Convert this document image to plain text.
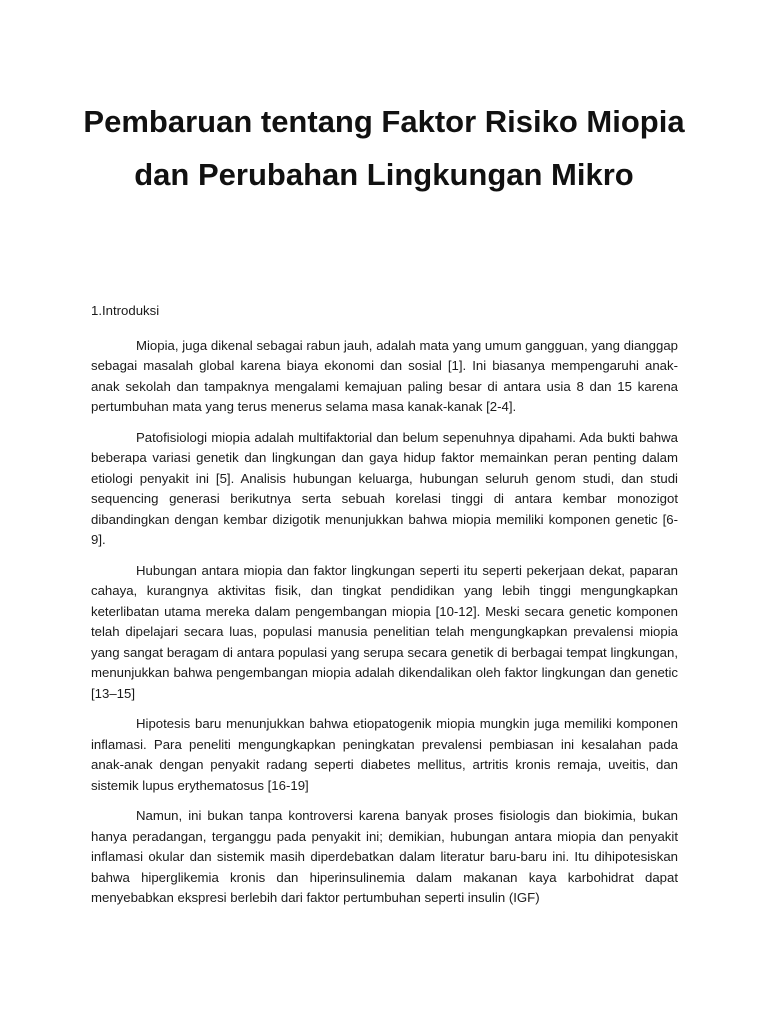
Pembaruan tentang Faktor Risiko Miopia dan Perubahan Lingkungan Mikro

1.Introduksi

Miopia, juga dikenal sebagai rabun jauh, adalah mata yang umum gangguan, yang dianggap sebagai masalah global karena biaya ekonomi dan sosial [1]. Ini biasanya mempengaruhi anak-anak sekolah dan tampaknya mengalami kemajuan paling besar di antara usia 8 dan 15 karena pertumbuhan mata yang terus menerus selama masa kanak-kanak [2-4].

Patofisiologi miopia adalah multifaktorial dan belum sepenuhnya dipahami. Ada bukti bahwa beberapa variasi genetik dan lingkungan dan gaya hidup faktor memainkan peran penting dalam etiologi penyakit ini [5]. Analisis hubungan keluarga, hubungan seluruh genom studi, dan studi sequencing generasi berikutnya serta sebuah korelasi tinggi di antara kembar monozigot dibandingkan dengan kembar dizigotik menunjukkan bahwa miopia memiliki komponen genetic [6-9].

Hubungan antara miopia dan faktor lingkungan seperti itu seperti pekerjaan dekat, paparan cahaya, kurangnya aktivitas fisik, dan tingkat pendidikan yang lebih tinggi mengungkapkan keterlibatan utama mereka dalam pengembangan miopia [10-12]. Meski secara genetic komponen telah dipelajari secara luas, populasi manusia penelitian telah mengungkapkan prevalensi miopia yang sangat beragam di antara populasi yang serupa secara genetik di berbagai tempat lingkungan, menunjukkan bahwa pengembangan miopia adalah dikendalikan oleh faktor lingkungan dan genetic [13–15]

Hipotesis baru menunjukkan bahwa etiopatogenik miopia mungkin juga memiliki komponen inflamasi. Para peneliti mengungkapkan peningkatan prevalensi pembiasan ini kesalahan pada anak-anak dengan penyakit radang seperti diabetes mellitus, artritis kronis remaja, uveitis, dan sistemik lupus erythematosus [16-19]

Namun, ini bukan tanpa kontroversi karena banyak proses fisiologis dan biokimia, bukan hanya peradangan, terganggu pada penyakit ini; demikian, hubungan antara miopia dan penyakit inflamasi okular dan sistemik masih diperdebatkan dalam literatur baru-baru ini. Itu dihipotesiskan bahwa hiperglikemia kronis dan hiperinsulinemia dalam makanan kaya karbohidrat dapat menyebabkan ekspresi berlebih dari faktor pertumbuhan seperti insulin (IGF)
